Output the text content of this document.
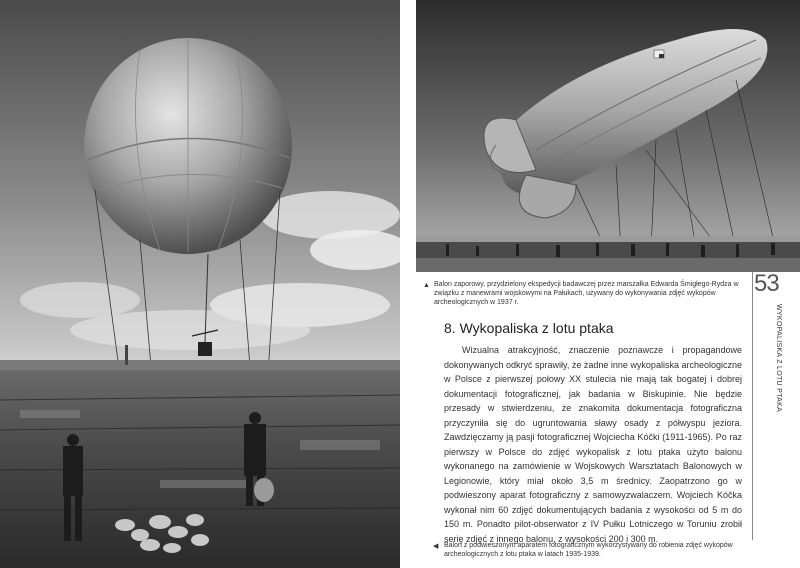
▲ Balon zaporowy, przydzielony ekspedycji badawczej przez marszałka Edwarda Śmigłego-Rydza w związku z manewrami wojskowymi na Pałukach, używany do wykonywania zdjęć wykopów archeologicznych w 1937 r.
53
WYKOPALISKA Z LOTU PTAKA
8. Wykopaliska z lotu ptaka

Wizualna atrakcyjność, znaczenie poznawcze i propagandowe dokonywanych odkryć sprawiły, że żadne inne wykopaliska archeologiczne w Polsce z pierwszej połowy XX stulecia nie mają tak bogatej i dobrej dokumentacji fotograficznej, jak badania w Biskupinie. Nie będzie przesady w stwierdzeniu, że znakomita dokumentacja fotograficzna przyczyniła się do ugruntowania sławy osady z półwyspu jeziora. Zawdzięczamy ją pasji fotograficznej Wojciecha Kóčki (1911-1965). Po raz pierwszy w Polsce do zdjęć wykopalisk z lotu ptaka użyto balonu wykonanego na zamówienie w Wojskowych Warsztatach Balonowych w Legionowie, który miał około 3,5 m średnicy. Zaopatrzono go w podwieszony aparat fotograficzny z samowyzwalaczem. Wojciech Kóčka wykonał nim 60 zdjęć dokumentujących badania z wysokości od 5 m do 150 m. Ponadto pilot-obserwator z IV Pułku Lotniczego w Toruniu zrobił serię zdjęć z innego balonu, z wysokości 200 i 300 m.

◀ Balon z podwieszonym aparatem fotograficznym wykorzystywany do robienia zdjęć wykopów archeologicznych z lotu ptaka w latach 1935-1939.
